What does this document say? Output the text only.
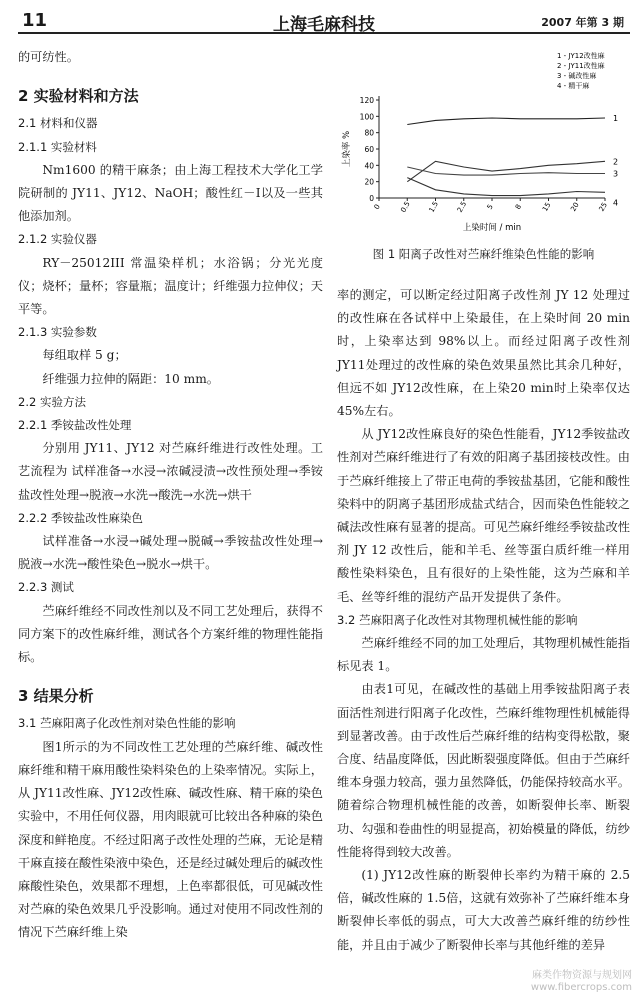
11	上海毛麻科技	2007 年第 3 期
的可纺性。
2 实验材料和方法
2.1 材料和仪器
2.1.1 实验材料
Nm1600 的精干麻条；由上海工程技术大学化工学院研制的 JY11、JY12、NaOH；酸性红－Ⅰ以及一些其他添加剂。
2.1.2 实验仪器
RY－25012III 常温染样机；水浴锅；分光光度仪；烧杯；量杯；容量瓶；温度计；纤维强力拉伸仪；天平等。
2.1.3 实验参数
每组取样 5 g；
纤维强力拉伸的隔距：10 mm。
2.2 实验方法
2.2.1 季铵盐改性处理
分别用 JY11、JY12 对苎麻纤维进行改性处理。工艺流程为 试样准备→水浸→浓碱浸渍→改性预处理→季铵盐改性处理→脱液→水洗→酸洗→水洗→烘干
2.2.2 季铵盐改性麻染色
试样准备→水浸→碱处理→脱碱→季铵盐改性处理→脱液→水洗→酸性染色→脱水→烘干。
2.2.3 测试
苎麻纤维经不同改性剂以及不同工艺处理后，获得不同方案下的改性麻纤维，测试各个方案纤维的物理性能指标。
3 结果分析
3.1 苎麻阳离子化改性剂对染色性能的影响
图1所示的为不同改性工艺处理的苎麻纤维、碱改性麻纤维和精干麻用酸性染料染色的上染率情况。实际上，从 JY11改性麻、JY12改性麻、碱改性麻、精干麻的染色实验中，不用任何仪器，用肉眼就可比较出各种麻的染色深度和鲜艳度。不经过阳离子改性处理的苎麻，无论是精干麻直接在酸性染液中染色，还是经过碱处理后的碱改性麻酸性染色，效果都不理想，上色率都很低，可见碱改性对苎麻的染色效果几乎没影响。通过对使用不同改性剂的情况下苎麻纤维上染
0
20
40
60
80
100
120
0 0.5 1.5 2.5 5	8	15 20 25
上染时间 / min
上染率 %
1
2
3
4
1 - JY12改性麻
2 - JY11改性麻
3 - 碱改性麻
4 - 精干麻
图 1 阳离子改性对苎麻纤维染色性能的影响
率的测定，可以断定经过阳离子改性剂 JY 12 处理过的改性麻在各试样中上染最佳，在上染时间 20 min时，上染率达到 98%以上。而经过阳离子改性剂 JY11处理过的改性麻的染色效果虽然比其余几种好，但远不如 JY12改性麻，在上染20 min时上染率仅达45%左右。
从 JY12改性麻良好的染色性能看，JY12季铵盐改性剂对苎麻纤维进行了有效的阳离子基团接枝改性。由于苎麻纤维接上了带正电荷的季铵盐基团，它能和酸性染料中的阴离子基团形成盐式结合，因而染色性能较之碱法改性麻有显著的提高。可见苎麻纤维经季铵盐改性剂 JY 12 改性后，能和羊毛、丝等蛋白质纤维一样用酸性染料染色，且有很好的上染性能，这为苎麻和羊毛、丝等纤维的混纺产品开发提供了条件。
3.2 苎麻阳离子化改性对其物理机械性能的影响
苎麻纤维经不同的加工处理后，其物理机械性能指标见表 1。
由表1可见，在碱改性的基础上用季铵盐阳离子表面活性剂进行阳离子化改性，苎麻纤维物理性机械能得到显著改善。由于改性后苎麻纤维的结构变得松散，聚合度、结晶度降低，因此断裂强度降低。但由于苎麻纤维本身强力较高，强力虽然降低，仍能保持较高水平。随着综合物理机械性能的改善，如断裂伸长率、断裂功、勾强和卷曲性的明显提高，初始模量的降低，纺纱性能将得到较大改善。
(1) JY12改性麻的断裂伸长率约为精干麻的 2.5倍，碱改性麻的 1.5倍，这就有效弥补了苎麻纤维本身断裂伸长率低的弱点，可大大改善苎麻纤维的纺纱性能，并且由于减少了断裂伸长率与其他纤维的差异
麻类作物资源与规划网
www.fibercrops.com
